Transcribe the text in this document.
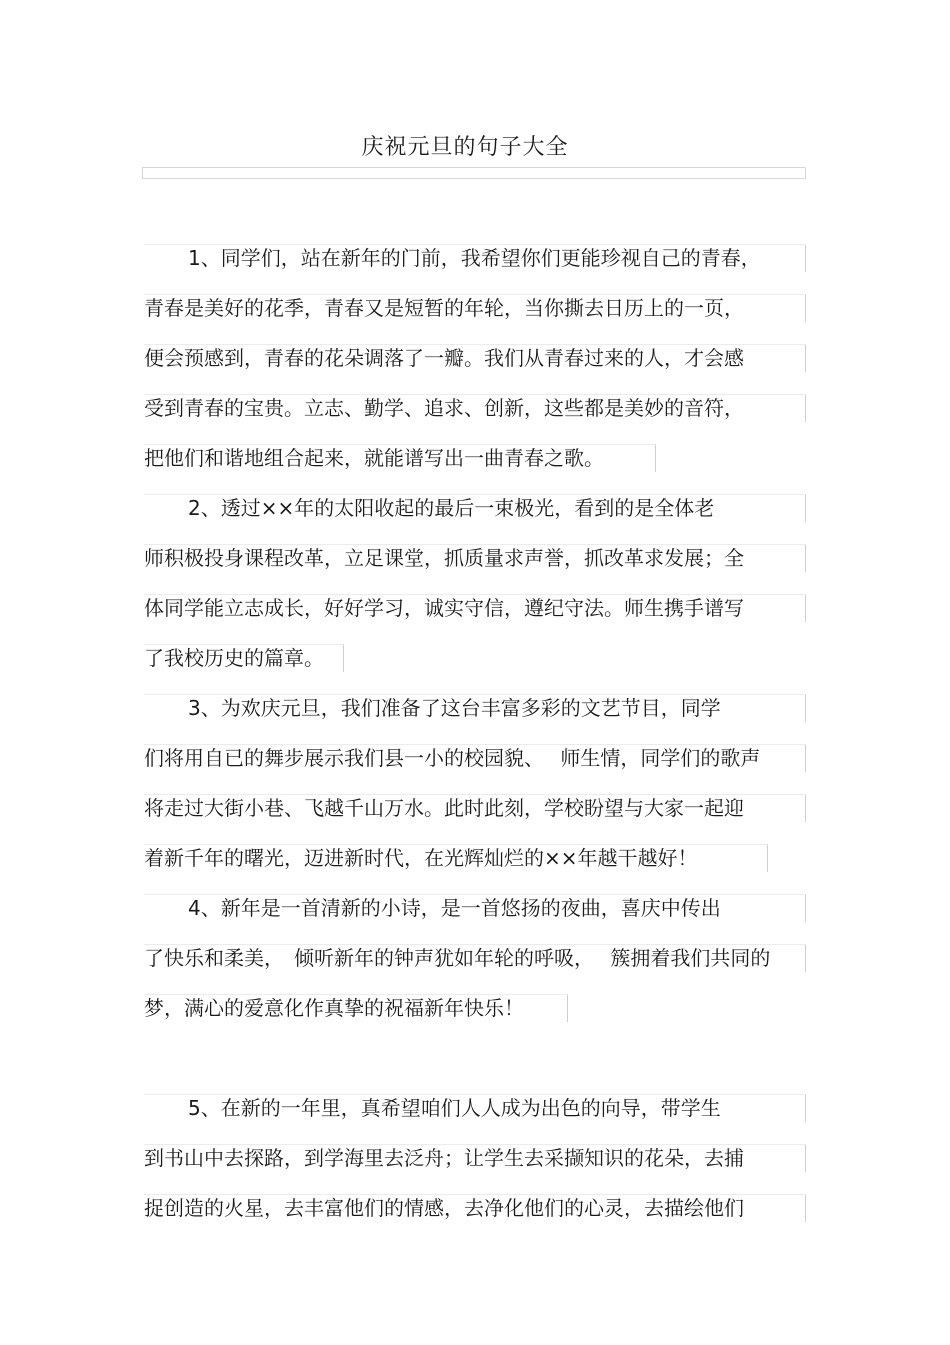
庆祝元旦的句子大全
1、同学们，站在新年的门前，我希望你们更能珍视自己的青春，
青春是美好的花季，青春又是短暂的年轮，当你撕去日历上的一页，
便会预感到，青春的花朵调落了一瓣。我们从青春过来的人，才会感
受到青春的宝贵。立志、勤学、追求、创新，这些都是美妙的音符，
把他们和谐地组合起来，就能谱写出一曲青春之歌。
2、透过××年的太阳收起的最后一束极光，看到的是全体老
师积极投身课程改革，立足课堂，抓质量求声誉，抓改革求发展；全
体同学能立志成长，好好学习，诚实守信，遵纪守法。师生携手谱写
了我校历史的篇章。
3、为欢庆元旦，我们准备了这台丰富多彩的文艺节目，同学
们将用自已的舞步展示我们县一小的校园貌、　 师生情，同学们的歌声
将走过大街小巷、飞越千山万水。此时此刻，学校盼望与大家一起迎
着新千年的曙光，迈进新时代，在光辉灿烂的××年越干越好！
4、新年是一首清新的小诗，是一首悠扬的夜曲，喜庆中传出
了快乐和柔美，　倾听新年的钟声犹如年轮的呼吸，　 簇拥着我们共同的
梦，满心的爱意化作真挚的祝福新年快乐！
5、在新的一年里，真希望咱们人人成为出色的向导，带学生
到书山中去探路，到学海里去泛舟；让学生去采撷知识的花朵，去捕
捉创造的火星，去丰富他们的情感，去净化他们的心灵，去描绘他们
